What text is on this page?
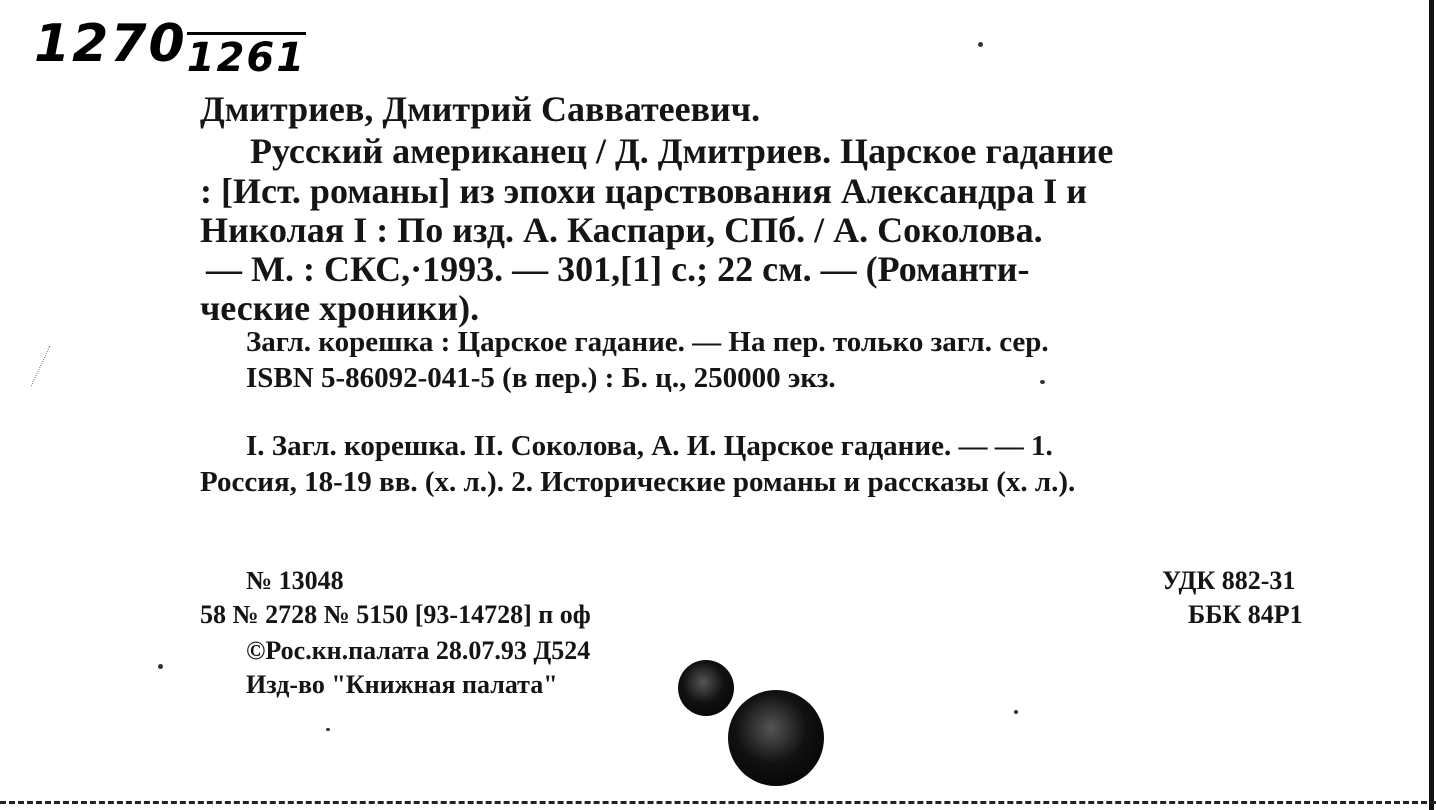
12701261
Дмитриев, Дмитрий Савватеевич.
Русский американец / Д. Дмитриев. Царское гадание
: [Ист. романы] из эпохи царствования Александра I и
Николая I : По изд. А. Каспари, СПб. / А. Соколова.
— М. : СКС,·1993. — 301,[1] с.; 22 см. — (Романти-
ческие хроники).
Загл. корешка : Царское гадание. — На пер. только загл. сер.
ISBN 5-86092-041-5 (в пер.) : Б. ц., 250000 экз.
I. Загл. корешка. II. Соколова, А. И. Царское гадание. — — 1.
Россия, 18-19 вв. (х. л.). 2. Исторические романы и рассказы (х. л.).
№ 13048
58 № 2728 № 5150 [93-14728] п оф
©Рос.кн.палата 28.07.93 Д524
Изд-во "Книжная палата"
УДК 882-31
ББК 84Р1
